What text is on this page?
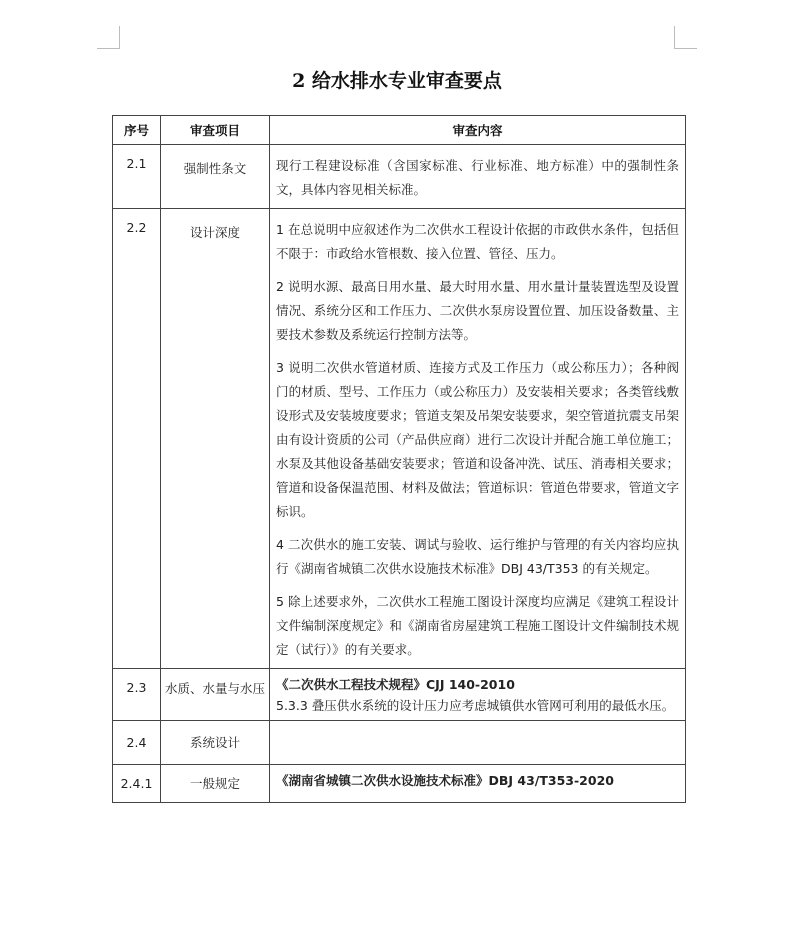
2 给水排水专业审查要点
序号	审查项目	审查内容
2.1	强制性条文	现行工程建设标准（含国家标准、行业标准、地方标准）中的强制性条文，具体内容见相关标准。

2.2	设计深度	1 在总说明中应叙述作为二次供水工程设计依据的市政供水条件，包括但不限于：市政给水管根数、接入位置、管径、压力。

2 说明水源、最高日用水量、最大时用水量、用水量计量装置选型及设置情况、系统分区和工作压力、二次供水泵房设置位置、加压设备数量、主要技术参数及系统运行控制方法等。

3 说明二次供水管道材质、连接方式及工作压力（或公称压力）；各种阀门的材质、型号、工作压力（或公称压力）及安装相关要求；各类管线敷设形式及安装坡度要求；管道支架及吊架安装要求，架空管道抗震支吊架由有设计资质的公司（产品供应商）进行二次设计并配合施工单位施工；水泵及其他设备基础安装要求；管道和设备冲洗、试压、消毒相关要求；管道和设备保温范围、材料及做法；管道标识：管道色带要求，管道文字标识。

4 二次供水的施工安装、调试与验收、运行维护与管理的有关内容均应执行《湖南省城镇二次供水设施技术标准》DBJ 43/T353 的有关规定。

5 除上述要求外，二次供水工程施工图设计深度均应满足《建筑工程设计文件编制深度规定》和《湖南省房屋建筑工程施工图设计文件编制技术规定（试行）》的有关要求。

2.3	水质、水量与水压	《二次供水工程技术规程》CJJ 140-2010
5.3.3 叠压供水系统的设计压力应考虑城镇供水管网可利用的最低水压。

2.4	系统设计	
2.4.1	一般规定	《湖南省城镇二次供水设施技术标准》DBJ 43/T353-2020
